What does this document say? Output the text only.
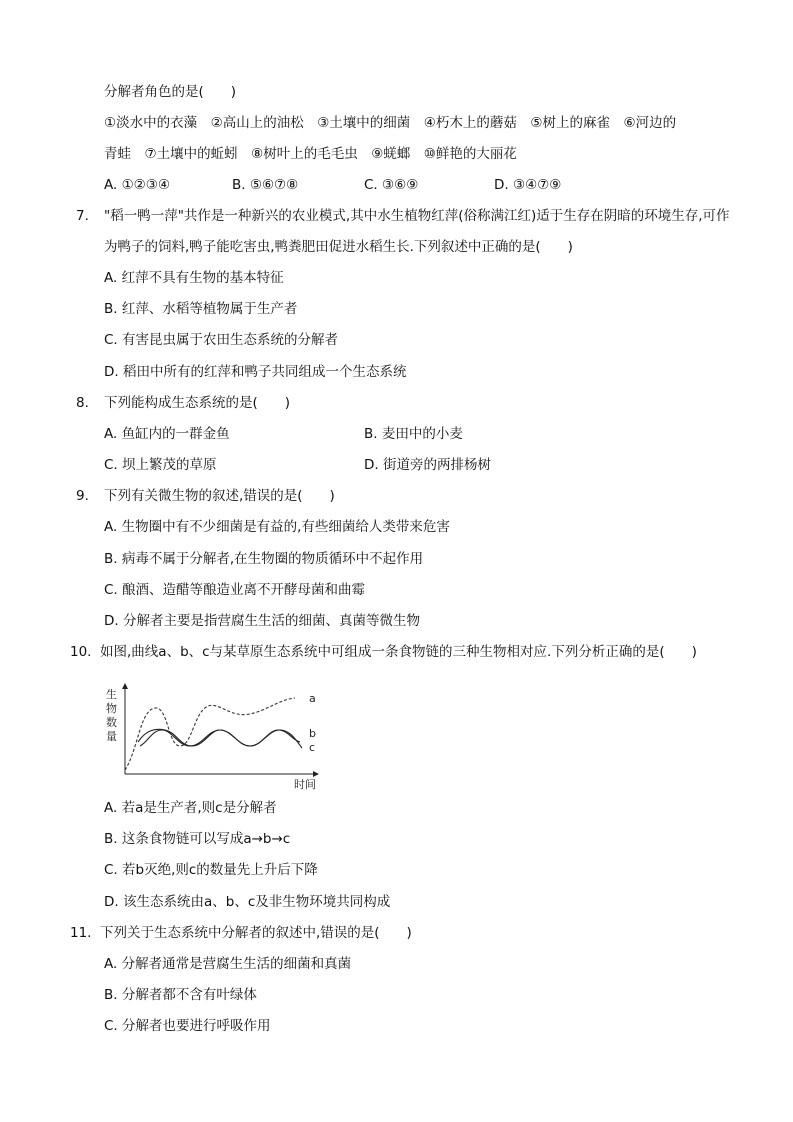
分解者角色的是(　　)
①淡水中的衣藻　②高山上的油松　③土壤中的细菌　④朽木上的蘑菇　⑤树上的麻雀　⑥河边的
青蛙　⑦土壤中的蚯蚓　⑧树叶上的毛毛虫　⑨蜣螂　⑩鲜艳的大丽花
A. ①②③④	B. ⑤⑥⑦⑧	C. ③⑥⑨	D. ③④⑦⑨
7. "稻一鸭一萍"共作是一种新兴的农业模式,其中水生植物红萍(俗称满江红)适于生存在阴暗的环境生存,可作
为鸭子的饲料,鸭子能吃害虫,鸭粪肥田促进水稻生长.下列叙述中正确的是(　　)
A. 红萍不具有生物的基本特征
B. 红萍、水稻等植物属于生产者
C. 有害昆虫属于农田生态系统的分解者
D. 稻田中所有的红萍和鸭子共同组成一个生态系统
8. 下列能构成生态系统的是(　　)
A. 鱼缸内的一群金鱼	B. 麦田中的小麦
C. 坝上繁茂的草原	D. 街道旁的两排杨树
9. 下列有关微生物的叙述,错误的是(　　)
A. 生物圈中有不少细菌是有益的,有些细菌给人类带来危害
B. 病毒不属于分解者,在生物圈的物质循环中不起作用
C. 酿酒、造醋等酿造业离不开酵母菌和曲霉
D. 分解者主要是指营腐生生活的细菌、真菌等微生物
10. 如图,曲线a、b、c与某草原生态系统中可组成一条食物链的三种生物相对应.下列分析正确的是(　　)
生
物
数
量
时间
a
b
c
A. 若a是生产者,则c是分解者
B. 这条食物链可以写成a→b→c
C. 若b灭绝,则c的数量先上升后下降
D. 该生态系统由a、b、c及非生物环境共同构成
11. 下列关于生态系统中分解者的叙述中,错误的是(　　)
A. 分解者通常是营腐生生活的细菌和真菌
B. 分解者都不含有叶绿体
C. 分解者也要进行呼吸作用
